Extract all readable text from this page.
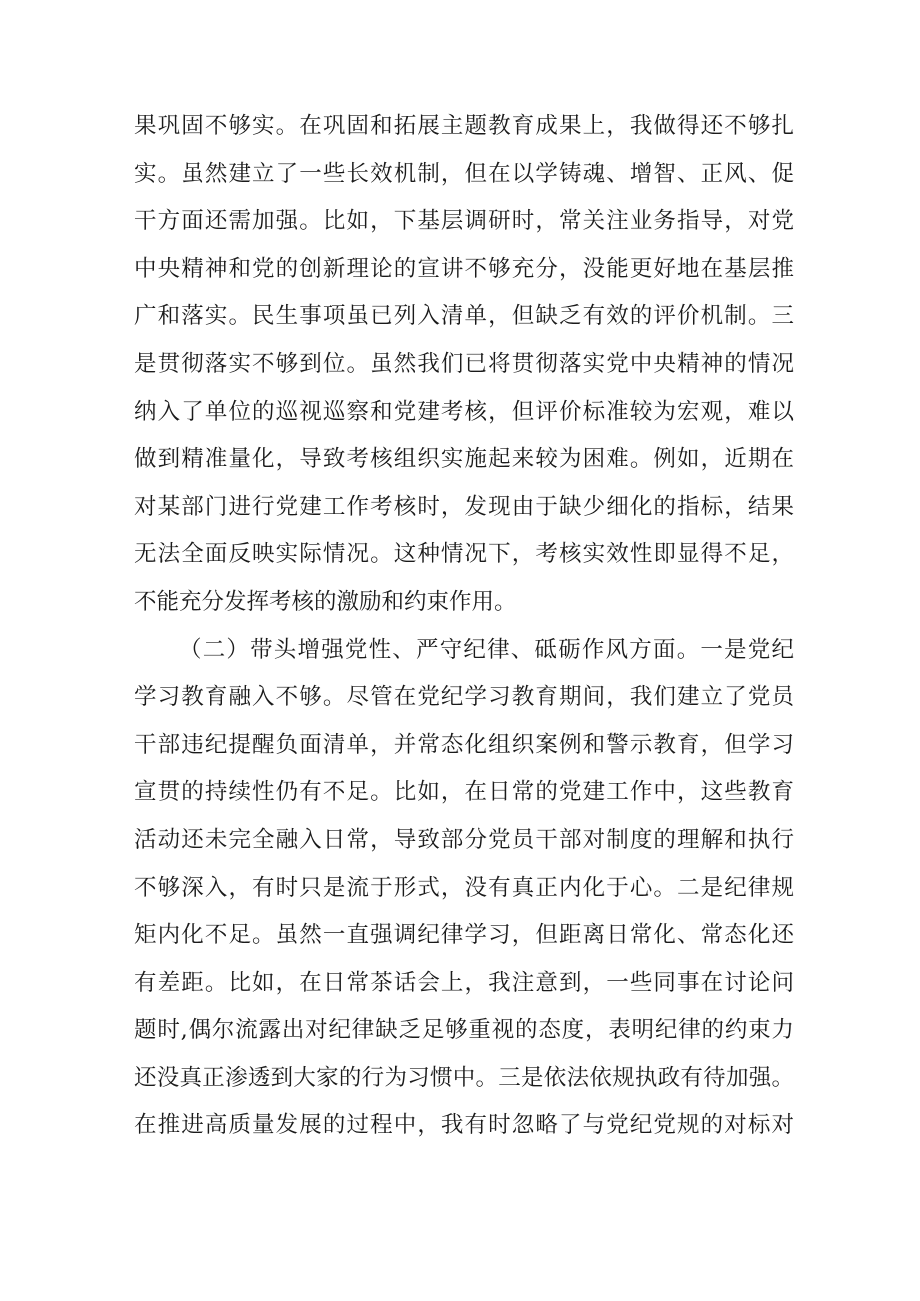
果巩固不够实。在巩固和拓展主题教育成果上，我做得还不够扎
实。虽然建立了一些长效机制，但在以学铸魂、增智、正风、促
干方面还需加强。比如，下基层调研时，常关注业务指导，对党
中央精神和党的创新理论的宣讲不够充分，没能更好地在基层推
广和落实。民生事项虽已列入清单，但缺乏有效的评价机制。三
是贯彻落实不够到位。虽然我们已将贯彻落实党中央精神的情况
纳入了单位的巡视巡察和党建考核，但评价标准较为宏观，难以
做到精准量化，导致考核组织实施起来较为困难。例如，近期在
对某部门进行党建工作考核时，发现由于缺少细化的指标，结果
无法全面反映实际情况。这种情况下，考核实效性即显得不足，
不能充分发挥考核的激励和约束作用。
（二）带头增强党性、严守纪律、砥砺作风方面。一是党纪
学习教育融入不够。尽管在党纪学习教育期间，我们建立了党员
干部违纪提醒负面清单，并常态化组织案例和警示教育，但学习
宣贯的持续性仍有不足。比如，在日常的党建工作中，这些教育
活动还未完全融入日常，导致部分党员干部对制度的理解和执行
不够深入，有时只是流于形式，没有真正内化于心。二是纪律规
矩内化不足。虽然一直强调纪律学习，但距离日常化、常态化还
有差距。比如，在日常茶话会上，我注意到，一些同事在讨论问
题时,偶尔流露出对纪律缺乏足够重视的态度，表明纪律的约束力
还没真正渗透到大家的行为习惯中。三是依法依规执政有待加强。
在推进高质量发展的过程中，我有时忽略了与党纪党规的对标对
